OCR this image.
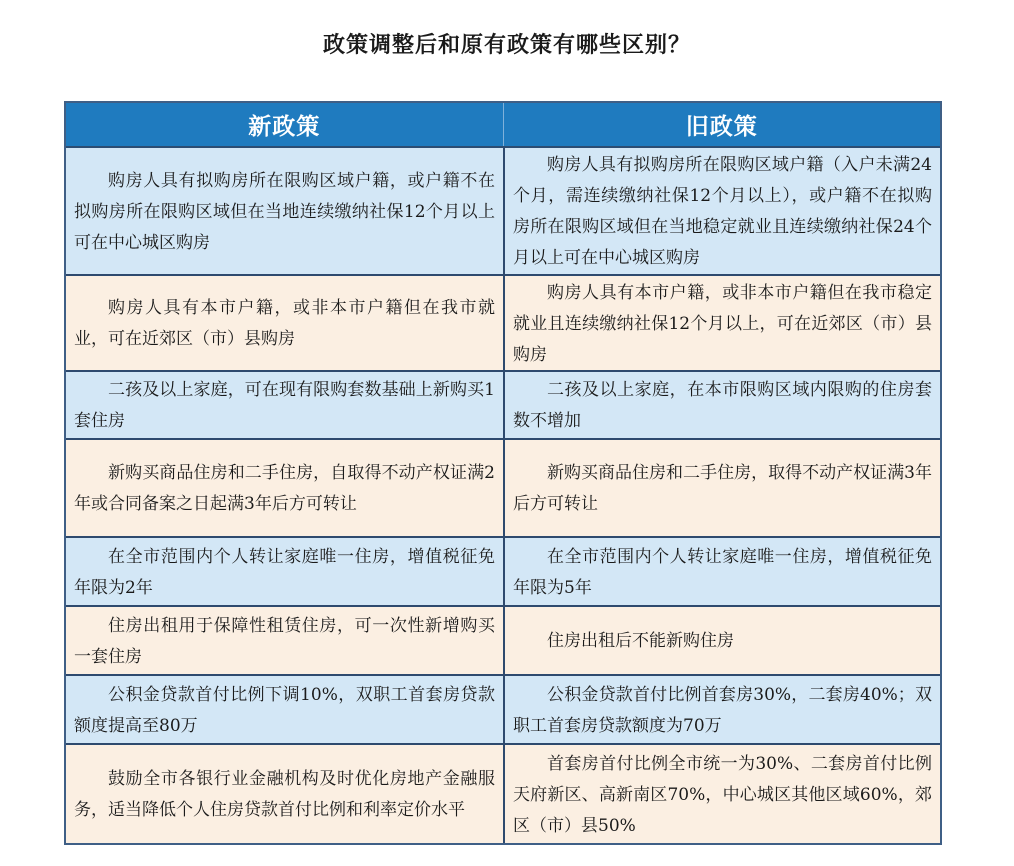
政策调整后和原有政策有哪些区别？
新政策	旧政策
购房人具有拟购房所在限购区域户籍，或户籍不在拟购房所在限购区域但在当地连续缴纳社保12个月以上可在中心城区购房
购房人具有拟购房所在限购区域户籍（入户未满24个月，需连续缴纳社保12个月以上），或户籍不在拟购房所在限购区域但在当地稳定就业且连续缴纳社保24个月以上可在中心城区购房
购房人具有本市户籍，或非本市户籍但在我市就业，可在近郊区（市）县购房
购房人具有本市户籍，或非本市户籍但在我市稳定就业且连续缴纳社保12个月以上，可在近郊区（市）县购房
二孩及以上家庭，可在现有限购套数基础上新购买1套住房
二孩及以上家庭，在本市限购区域内限购的住房套数不增加
新购买商品住房和二手住房，自取得不动产权证满2年或合同备案之日起满3年后方可转让
新购买商品住房和二手住房，取得不动产权证满3年后方可转让
在全市范围内个人转让家庭唯一住房，增值税征免年限为2年
在全市范围内个人转让家庭唯一住房，增值税征免年限为5年
住房出租用于保障性租赁住房，可一次性新增购买一套住房
住房出租后不能新购住房
公积金贷款首付比例下调10%，双职工首套房贷款额度提高至80万
公积金贷款首付比例首套房30%，二套房40%；双职工首套房贷款额度为70万
鼓励全市各银行业金融机构及时优化房地产金融服务，适当降低个人住房贷款首付比例和利率定价水平
首套房首付比例全市统一为30%、二套房首付比例天府新区、高新南区70%，中心城区其他区域60%，郊区（市）县50%
